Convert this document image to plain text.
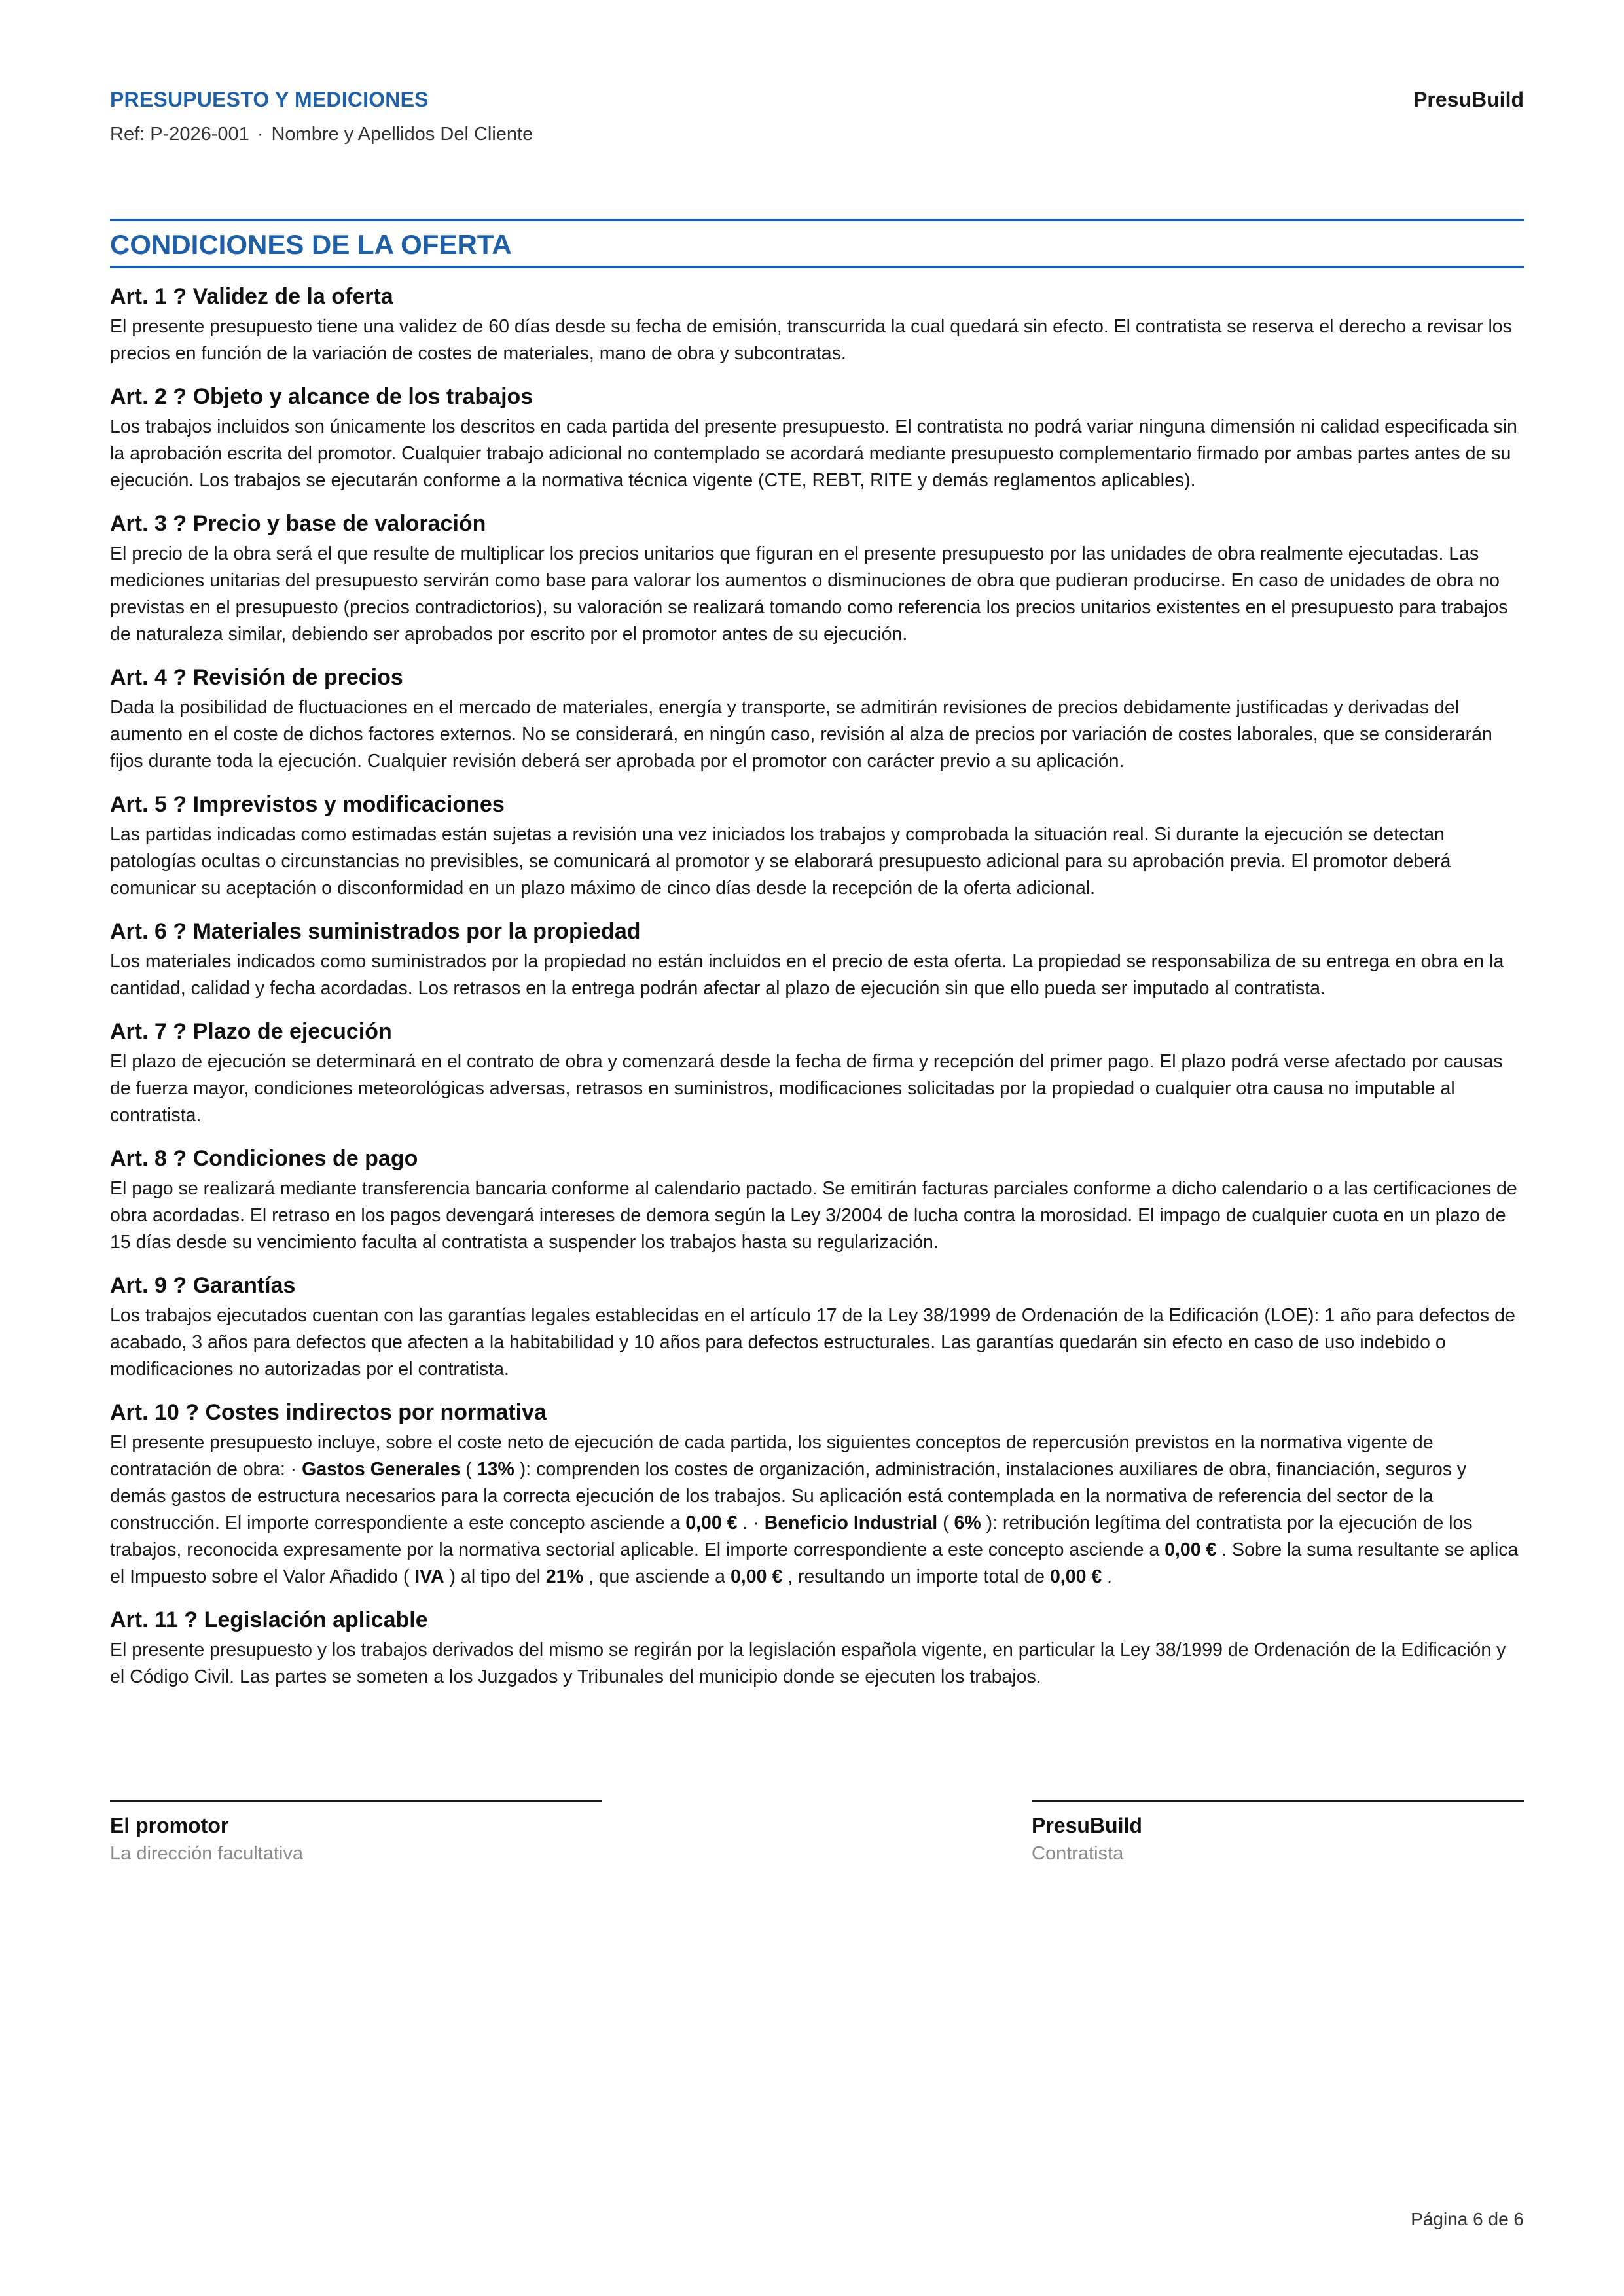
PRESUPUESTO Y MEDICIONES	PresuBuild
Ref: P-2026-001 · Nombre y Apellidos Del Cliente
CONDICIONES DE LA OFERTA
Art. 1 ? Validez de la oferta
El presente presupuesto tiene una validez de 60 días desde su fecha de emisión, transcurrida la cual quedará sin efecto. El contratista se reserva el derecho a revisar los precios en función de la variación de costes de materiales, mano de obra y subcontratas.
Art. 2 ? Objeto y alcance de los trabajos
Los trabajos incluidos son únicamente los descritos en cada partida del presente presupuesto. El contratista no podrá variar ninguna dimensión ni calidad especificada sin la aprobación escrita del promotor. Cualquier trabajo adicional no contemplado se acordará mediante presupuesto complementario firmado por ambas partes antes de su ejecución. Los trabajos se ejecutarán conforme a la normativa técnica vigente (CTE, REBT, RITE y demás reglamentos aplicables).
Art. 3 ? Precio y base de valoración
El precio de la obra será el que resulte de multiplicar los precios unitarios que figuran en el presente presupuesto por las unidades de obra realmente ejecutadas. Las mediciones unitarias del presupuesto servirán como base para valorar los aumentos o disminuciones de obra que pudieran producirse. En caso de unidades de obra no previstas en el presupuesto (precios contradictorios), su valoración se realizará tomando como referencia los precios unitarios existentes en el presupuesto para trabajos de naturaleza similar, debiendo ser aprobados por escrito por el promotor antes de su ejecución.
Art. 4 ? Revisión de precios
Dada la posibilidad de fluctuaciones en el mercado de materiales, energía y transporte, se admitirán revisiones de precios debidamente justificadas y derivadas del aumento en el coste de dichos factores externos. No se considerará, en ningún caso, revisión al alza de precios por variación de costes laborales, que se considerarán fijos durante toda la ejecución. Cualquier revisión deberá ser aprobada por el promotor con carácter previo a su aplicación.
Art. 5 ? Imprevistos y modificaciones
Las partidas indicadas como estimadas están sujetas a revisión una vez iniciados los trabajos y comprobada la situación real. Si durante la ejecución se detectan patologías ocultas o circunstancias no previsibles, se comunicará al promotor y se elaborará presupuesto adicional para su aprobación previa. El promotor deberá comunicar su aceptación o disconformidad en un plazo máximo de cinco días desde la recepción de la oferta adicional.
Art. 6 ? Materiales suministrados por la propiedad
Los materiales indicados como suministrados por la propiedad no están incluidos en el precio de esta oferta. La propiedad se responsabiliza de su entrega en obra en la cantidad, calidad y fecha acordadas. Los retrasos en la entrega podrán afectar al plazo de ejecución sin que ello pueda ser imputado al contratista.
Art. 7 ? Plazo de ejecución
El plazo de ejecución se determinará en el contrato de obra y comenzará desde la fecha de firma y recepción del primer pago. El plazo podrá verse afectado por causas de fuerza mayor, condiciones meteorológicas adversas, retrasos en suministros, modificaciones solicitadas por la propiedad o cualquier otra causa no imputable al contratista.
Art. 8 ? Condiciones de pago
El pago se realizará mediante transferencia bancaria conforme al calendario pactado. Se emitirán facturas parciales conforme a dicho calendario o a las certificaciones de obra acordadas. El retraso en los pagos devengará intereses de demora según la Ley 3/2004 de lucha contra la morosidad. El impago de cualquier cuota en un plazo de 15 días desde su vencimiento faculta al contratista a suspender los trabajos hasta su regularización.
Art. 9 ? Garantías
Los trabajos ejecutados cuentan con las garantías legales establecidas en el artículo 17 de la Ley 38/1999 de Ordenación de la Edificación (LOE): 1 año para defectos de acabado, 3 años para defectos que afecten a la habitabilidad y 10 años para defectos estructurales. Las garantías quedarán sin efecto en caso de uso indebido o modificaciones no autorizadas por el contratista.
Art. 10 ? Costes indirectos por normativa
El presente presupuesto incluye, sobre el coste neto de ejecución de cada partida, los siguientes conceptos de repercusión previstos en la normativa vigente de contratación de obra: · Gastos Generales ( 13% ): comprenden los costes de organización, administración, instalaciones auxiliares de obra, financiación, seguros y demás gastos de estructura necesarios para la correcta ejecución de los trabajos. Su aplicación está contemplada en la normativa de referencia del sector de la construcción. El importe correspondiente a este concepto asciende a 0,00 € . · Beneficio Industrial ( 6% ): retribución legítima del contratista por la ejecución de los trabajos, reconocida expresamente por la normativa sectorial aplicable. El importe correspondiente a este concepto asciende a 0,00 € . Sobre la suma resultante se aplica el Impuesto sobre el Valor Añadido ( IVA ) al tipo del 21% , que asciende a 0,00 € , resultando un importe total de 0,00 € .
Art. 11 ? Legislación aplicable
El presente presupuesto y los trabajos derivados del mismo se regirán por la legislación española vigente, en particular la Ley 38/1999 de Ordenación de la Edificación y el Código Civil. Las partes se someten a los Juzgados y Tribunales del municipio donde se ejecuten los trabajos.
El promotor
La dirección facultativa
PresuBuild
Contratista
Página 6 de 6
